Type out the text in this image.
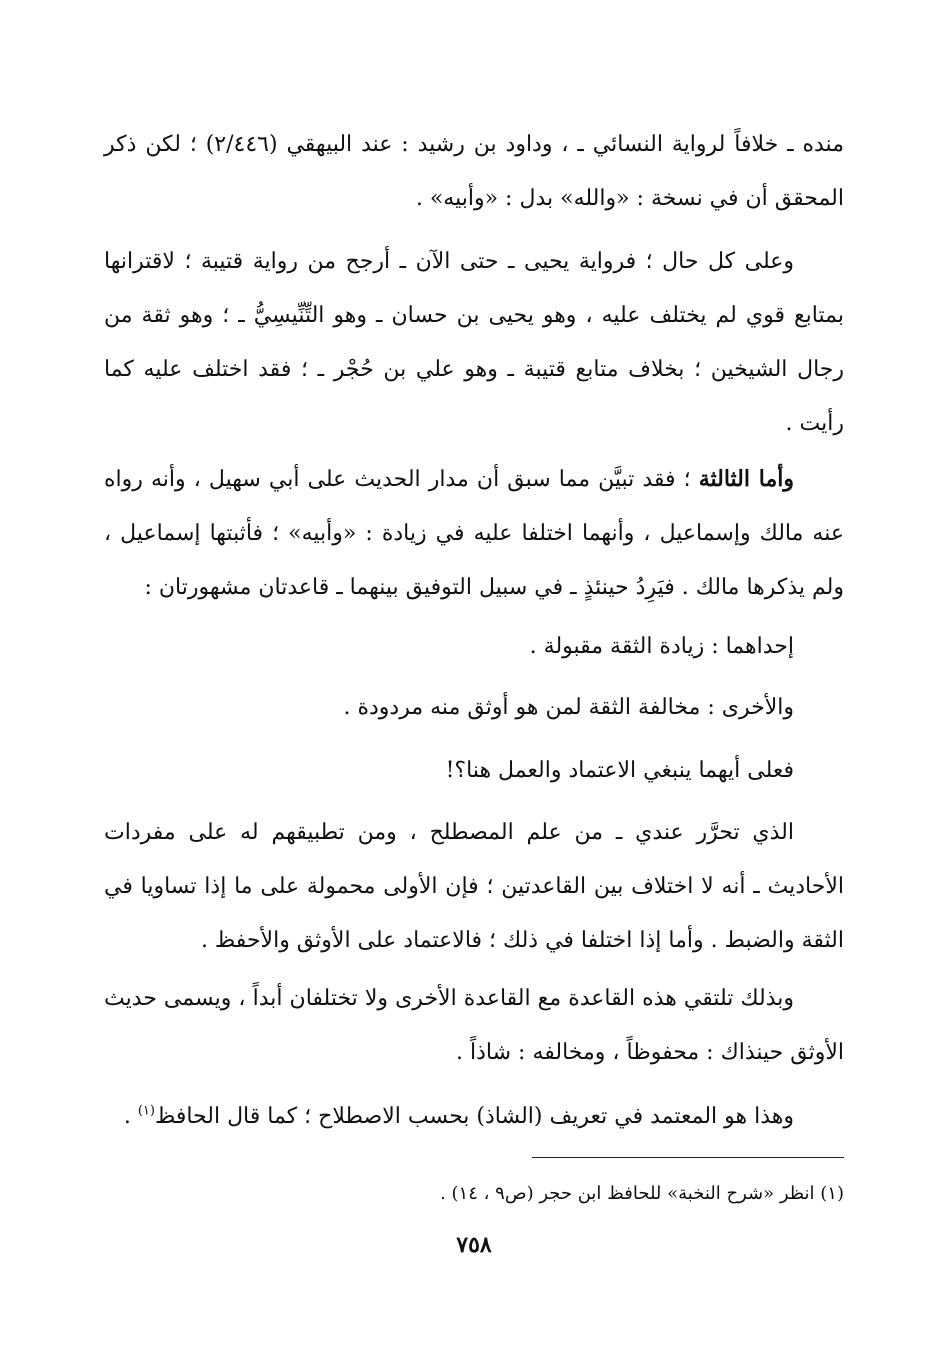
منده ـ خلافاً لرواية النسائي ـ ، وداود بن رشيد : عند البيهقي (٢/٤٤٦) ؛ لكن ذكر المحقق أن في نسخة : «والله» بدل : «وأبيه» .

وعلى كل حال ؛ فرواية يحيى ـ حتى الآن ـ أرجح من رواية قتيبة ؛ لاقترانها بمتابع قوي لم يختلف عليه ، وهو يحيى بن حسان ـ وهو التِّنِّيسِيُّ ـ ؛ وهو ثقة من رجال الشيخين ؛ بخلاف متابع قتيبة ـ وهو علي بن حُجْر ـ ؛ فقد اختلف عليه كما رأيت .

وأما الثالثة ؛ فقد تبيَّن مما سبق أن مدار الحديث على أبي سهيل ، وأنه رواه عنه مالك وإسماعيل ، وأنهما اختلفا عليه في زيادة : «وأبيه» ؛ فأثبتها إسماعيل ، ولم يذكرها مالك . فيَرِدُ حينئذٍ ـ في سبيل التوفيق بينهما ـ قاعدتان مشهورتان :

إحداهما : زيادة الثقة مقبولة .

والأخرى : مخالفة الثقة لمن هو أوثق منه مردودة .

فعلى أيهما ينبغي الاعتماد والعمل هنا؟!

الذي تحرَّر عندي ـ من علم المصطلح ، ومن تطبيقهم له على مفردات الأحاديث ـ أنه لا اختلاف بين القاعدتين ؛ فإن الأولى محمولة على ما إذا تساويا في الثقة والضبط . وأما إذا اختلفا في ذلك ؛ فالاعتماد على الأوثق والأحفظ .

وبذلك تلتقي هذه القاعدة مع القاعدة الأخرى ولا تختلفان أبداً ، ويسمى حديث الأوثق حينذاك : محفوظاً ، ومخالفه : شاذاً .

وهذا هو المعتمد في تعريف (الشاذ) بحسب الاصطلاح ؛ كما قال الحافظ$^{(١)}$ .

(١) انظر «شرح النخبة» للحافظ ابن حجر (ص٩ ، ١٤) .
٧٥٨
